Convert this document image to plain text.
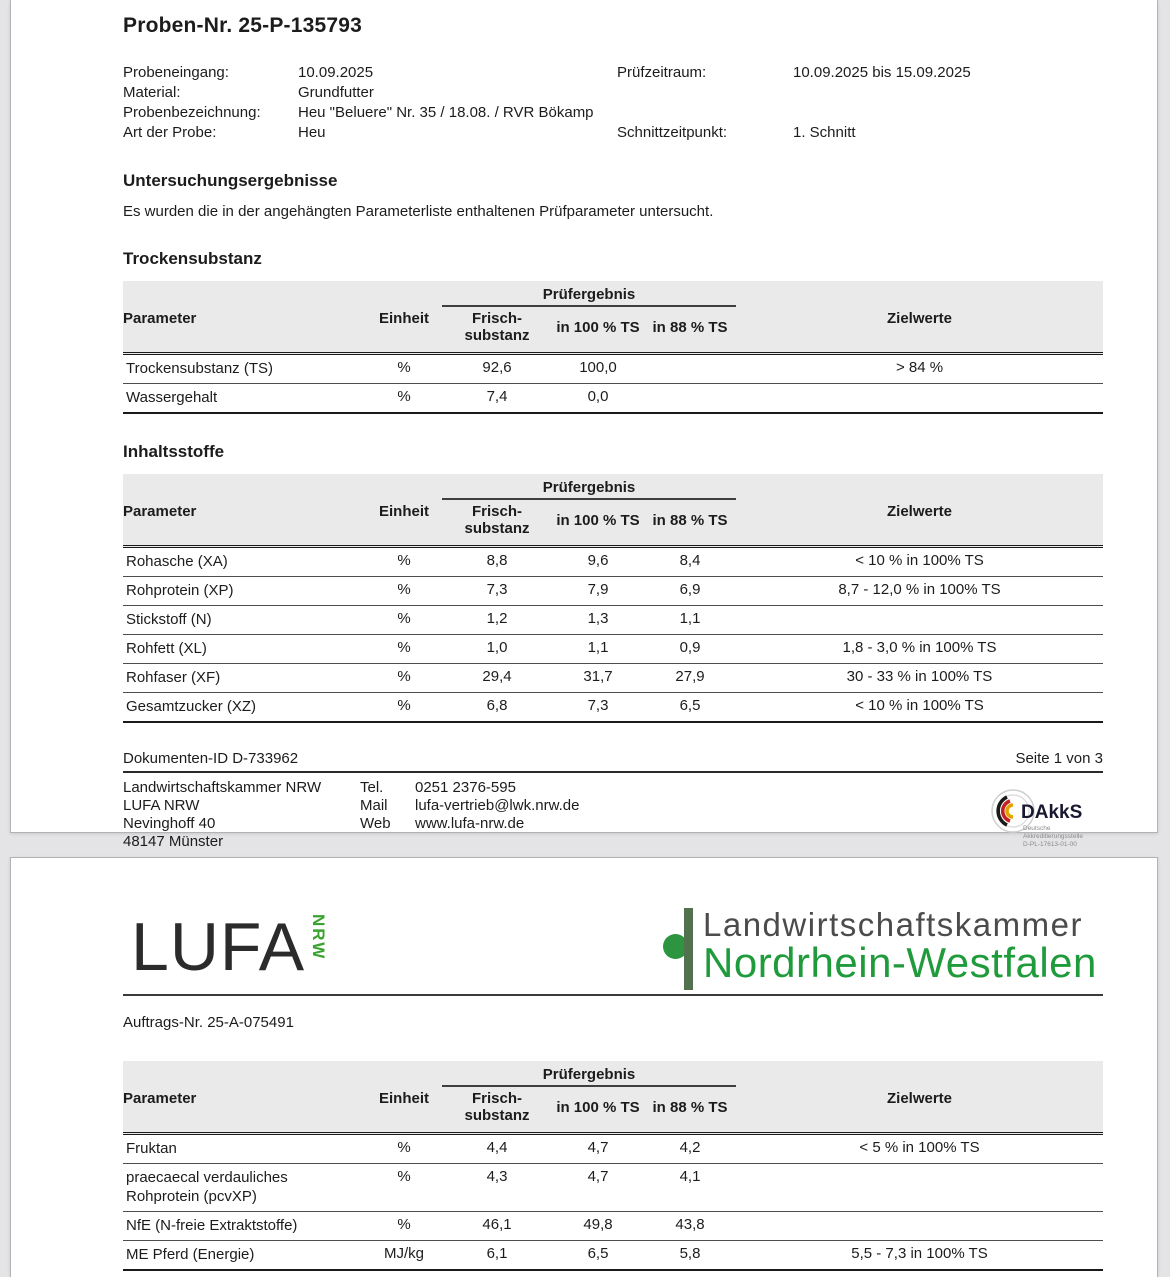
Proben-Nr. 25-P-135793
Probeneingang:	10.09.2025	Prüfzeitraum:	10.09.2025 bis 15.09.2025
Material:	Grundfutter
Probenbezeichnung: Heu "Beluere" Nr. 35 / 18.08. / RVR Bökamp
Art der Probe:	Heu	Schnittzeitpunkt:	1. Schnitt
Untersuchungsergebnisse
Es wurden die in der angehängten Parameterliste enthaltenen Prüfparameter untersucht.
Trockensubstanz
Parameter	Einheit	Prüfergebnis			Zielwerte

		Frisch-
substanz	in 100 % TS	in 88 % TS	
Trockensubstanz (TS)	%	92,6	100,0		> 84 %
Wassergehalt	%	7,4	0,0		
Inhaltsstoffe
Parameter	Einheit	Prüfergebnis			Zielwerte

		Frisch-
substanz	in 100 % TS	in 88 % TS	
Rohasche (XA)	%	8,8	9,6	8,4	< 10 % in 100% TS
Rohprotein (XP)	%	7,3	7,9	6,9	8,7 - 12,0 % in 100% TS
Stickstoff (N)	%	1,2	1,3	1,1	
Rohfett (XL)	%	1,0	1,1	0,9	1,8 - 3,0 % in 100% TS
Rohfaser (XF)	%	29,4	31,7	27,9	30 - 33 % in 100% TS
Gesamtzucker (XZ)	%	6,8	7,3	6,5	< 10 % in 100% TS
Dokumenten-ID D-733962	Seite 1 von 3
Landwirtschaftskammer NRW
LUFA NRW
Nevinghoff 40
48147 Münster
Tel. 0251 2376-595
Mail lufa-vertrieb@lwk.nrw.de
Web www.lufa-nrw.de
DAkkS
Deutsche
Akkreditierungsstelle
D-PL-17613-01-00
LUFA NRW	Landwirtschaftskammer
Nordrhein-Westfalen
Auftrags-Nr. 25-A-075491
Parameter	Einheit	Prüfergebnis			Zielwerte

		Frisch-
substanz	in 100 % TS	in 88 % TS	
Fruktan	%	4,4	4,7	4,2	< 5 % in 100% TS
praecaecal verdauliches Rohprotein (pcvXP)	%	4,3	4,7	4,1	
NfE (N-freie Extraktstoffe)	%	46,1	49,8	43,8	
ME Pferd (Energie)	MJ/kg	6,1	6,5	5,8	5,5 - 7,3 in 100% TS
